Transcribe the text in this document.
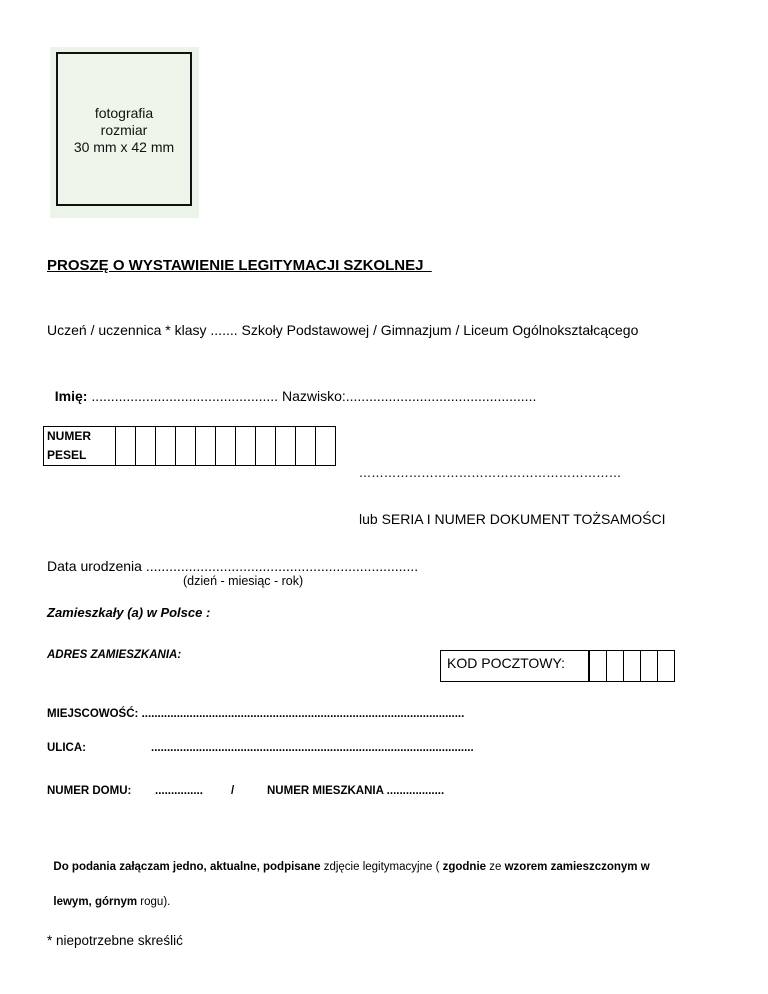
fotografia
rozmiar
30 mm x 42 mm
PROSZĘ O WYSTAWIENIE LEGITYMACJI SZKOLNEJ
Uczeń / uczennica * klasy ....... Szkoły Podstawowej / Gimnazjum / Liceum Ogólnokształcącego

Imię: ................................................ Nazwisko:.................................................

NUMER
PESEL

………………………………………………………
lub SERIA I NUMER DOKUMENT TOŻSAMOŚCI
Data urodzenia ......................................................................
(dzień - miesiąc - rok)
Zamieszkały (a) w Polsce :
ADRES ZAMIESZKANIA:	KOD POCZTOWY:

MIEJSCOWOŚĆ: .....................................................................................................
ULICA:	.....................................................................................................
NUMER DOMU: ............... /	NUMER MIESZKANIA ..................

Do podania załączam jedno, aktualne, podpisane zdjęcie legitymacyjne ( zgodnie ze wzorem zamieszczonym w

lewym, górnym rogu).

* niepotrzebne skreślić
